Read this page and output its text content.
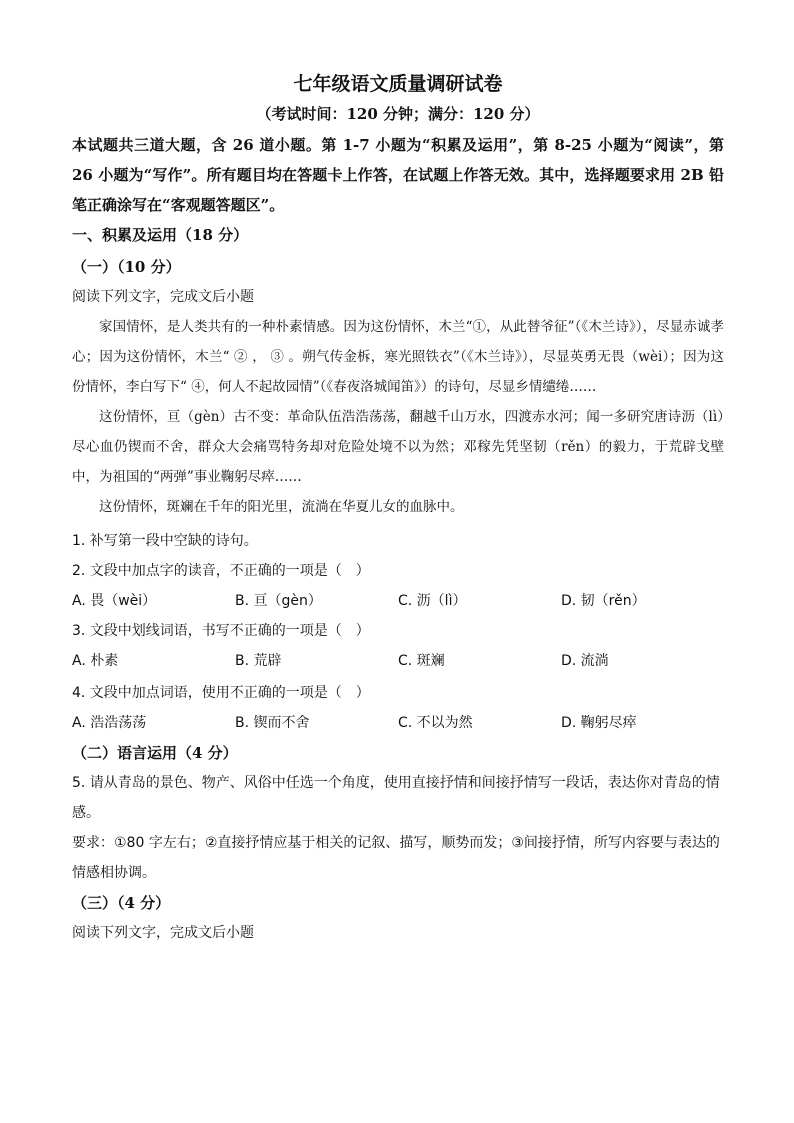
七年级语文质量调研试卷

（考试时间：120 分钟；满分：120 分）

本试题共三道大题，含 26 道小题。第 1-7 小题为“积累及运用”，第 8-25 小题为“阅读”，第 26 小题为“写作”。所有题目均在答题卡上作答，在试题上作答无效。其中，选择题要求用 2B 铅笔正确涂写在“客观题答题区”。

一、积累及运用（18 分）

（一）（10 分）

阅读下列文字，完成文后小题

家国情怀，是人类共有的一种朴素情感。因为这份情怀，木兰“①，从此替爷征”（《木兰诗》），尽显赤诚孝心；因为这份情怀，木兰“ ② ， ③ 。朔气传金柝，寒光照铁衣”（《木兰诗》），尽显英勇无畏（wèi）；因为这份情怀，李白写下“ ④，何人不起故园情”（《春夜洛城闻笛》）的诗句，尽显乡情缱绻……

这份情怀，亘（gèn）古不变：革命队伍浩浩荡荡，翻越千山万水，四渡赤水河；闻一多研究唐诗沥（lì）尽心血仍锲而不舍，群众大会痛骂特务却对危险处境不以为然；邓稼先凭坚韧（rěn）的毅力，于荒辟戈壁中，为祖国的“两弹”事业鞠躬尽瘁……

这份情怀，斑斓在千年的阳光里，流淌在华夏儿女的血脉中。

1. 补写第一段中空缺的诗句。

2. 文段中加点字的读音，不正确的一项是（　）

A. 畏（wèi）	B. 亘（gèn）	C. 沥（lì）	D. 韧（rěn）

3. 文段中划线词语，书写不正确的一项是（　）

A. 朴素	B. 荒辟	C. 斑斓	D. 流淌

4. 文段中加点词语，使用不正确的一项是（　）

A. 浩浩荡荡	B. 锲而不舍	C. 不以为然	D. 鞠躬尽瘁

（二）语言运用（4 分）

5. 请从青岛的景色、物产、风俗中任选一个角度，使用直接抒情和间接抒情写一段话，表达你对青岛的情感。

要求：①80 字左右；②直接抒情应基于相关的记叙、描写，顺势而发；③间接抒情，所写内容要与表达的情感相协调。

（三）（4 分）

阅读下列文字，完成文后小题
